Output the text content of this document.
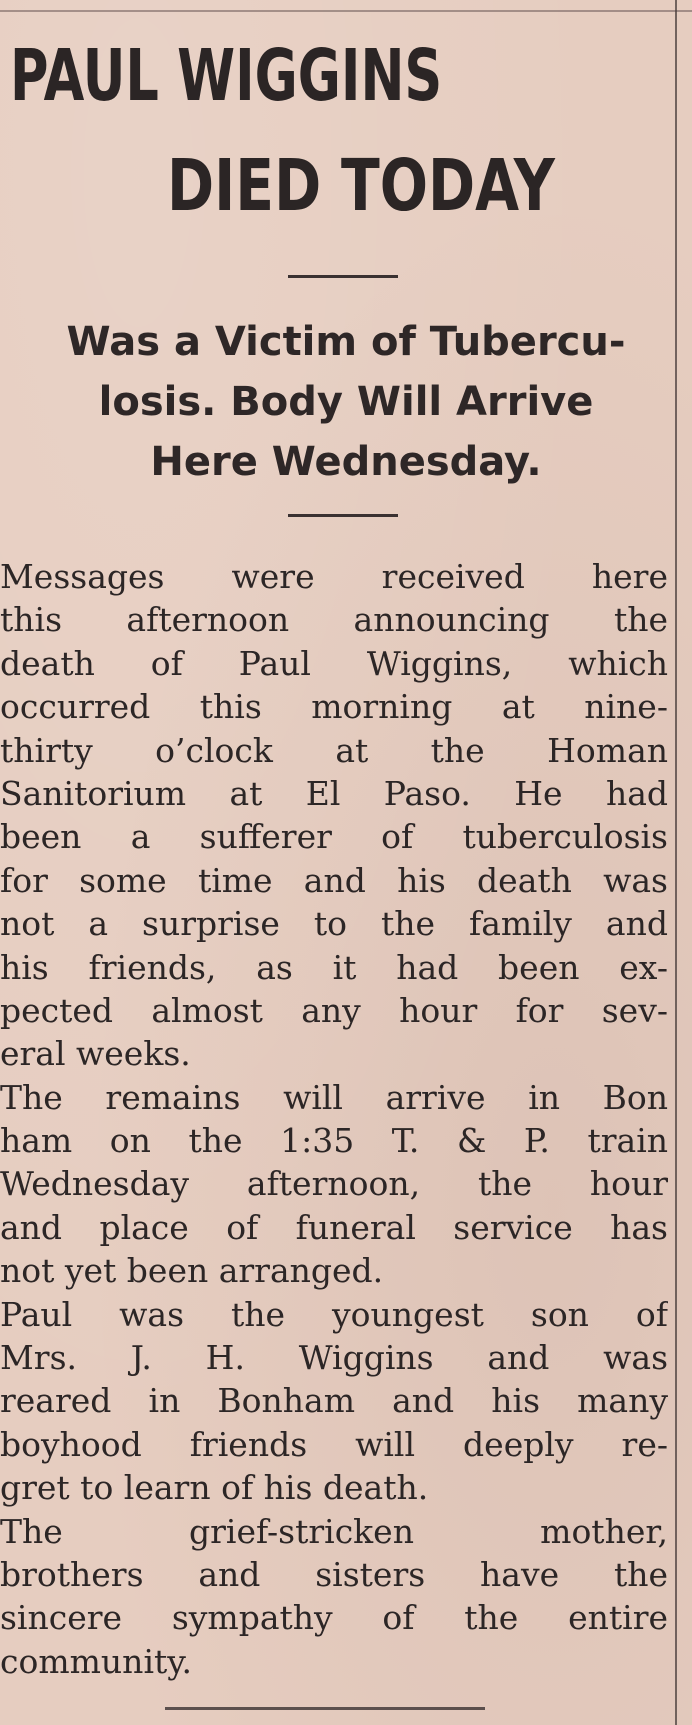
PAUL WIGGINS
DIED TODAY
Was a Victim of Tubercu-
losis. Body Will Arrive
Here Wednesday.
Messages were received here
this afternoon announcing the
death of Paul Wiggins, which
occurred this morning at nine-
thirty o’clock at the Homan
Sanitorium at El Paso. He had
been a sufferer of tuberculosis
for some time and his death was
not a surprise to the family and
his friends, as it had been ex-
pected almost any hour for sev-
eral weeks.
The remains will arrive in Bon
ham on the 1:35 T. & P. train
Wednesday afternoon, the hour
and place of funeral service has
not yet been arranged.
Paul was the youngest son of
Mrs. J. H. Wiggins and was
reared in Bonham and his many
boyhood friends will deeply re-
gret to learn of his death.
The grief-stricken mother,
brothers and sisters have the
sincere sympathy of the entire
community.
